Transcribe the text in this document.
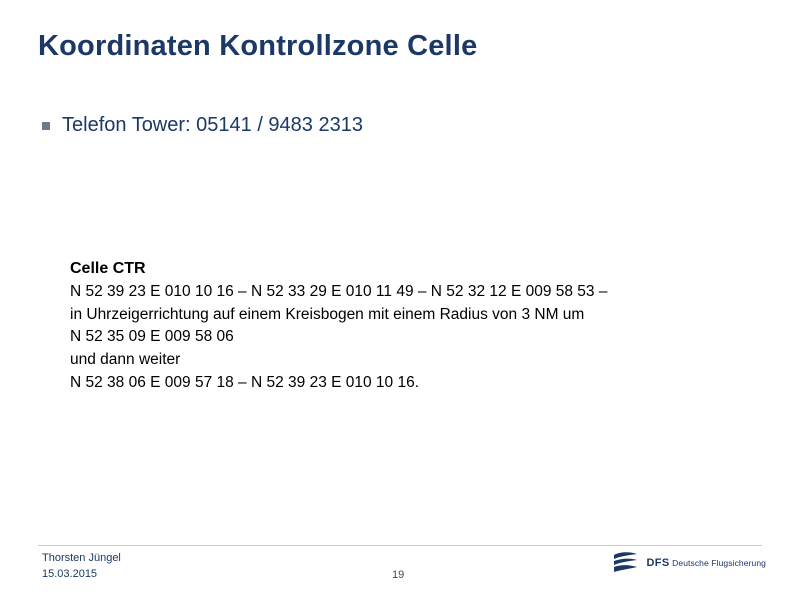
Koordinaten Kontrollzone Celle
Telefon Tower: 05141 / 9483 2313
Celle CTR
N 52 39 23 E 010 10 16 – N 52 33 29 E 010 11 49 – N 52 32 12 E 009 58 53 –
in Uhrzeigerrichtung auf einem Kreisbogen mit einem Radius von 3 NM um
N 52 35 09 E 009 58 06
und dann weiter
N 52 38 06 E 009 57 18 – N 52 39 23 E 010 10 16.
Thorsten Jüngel
15.03.2015	19
DFS Deutsche Flugsicherung
